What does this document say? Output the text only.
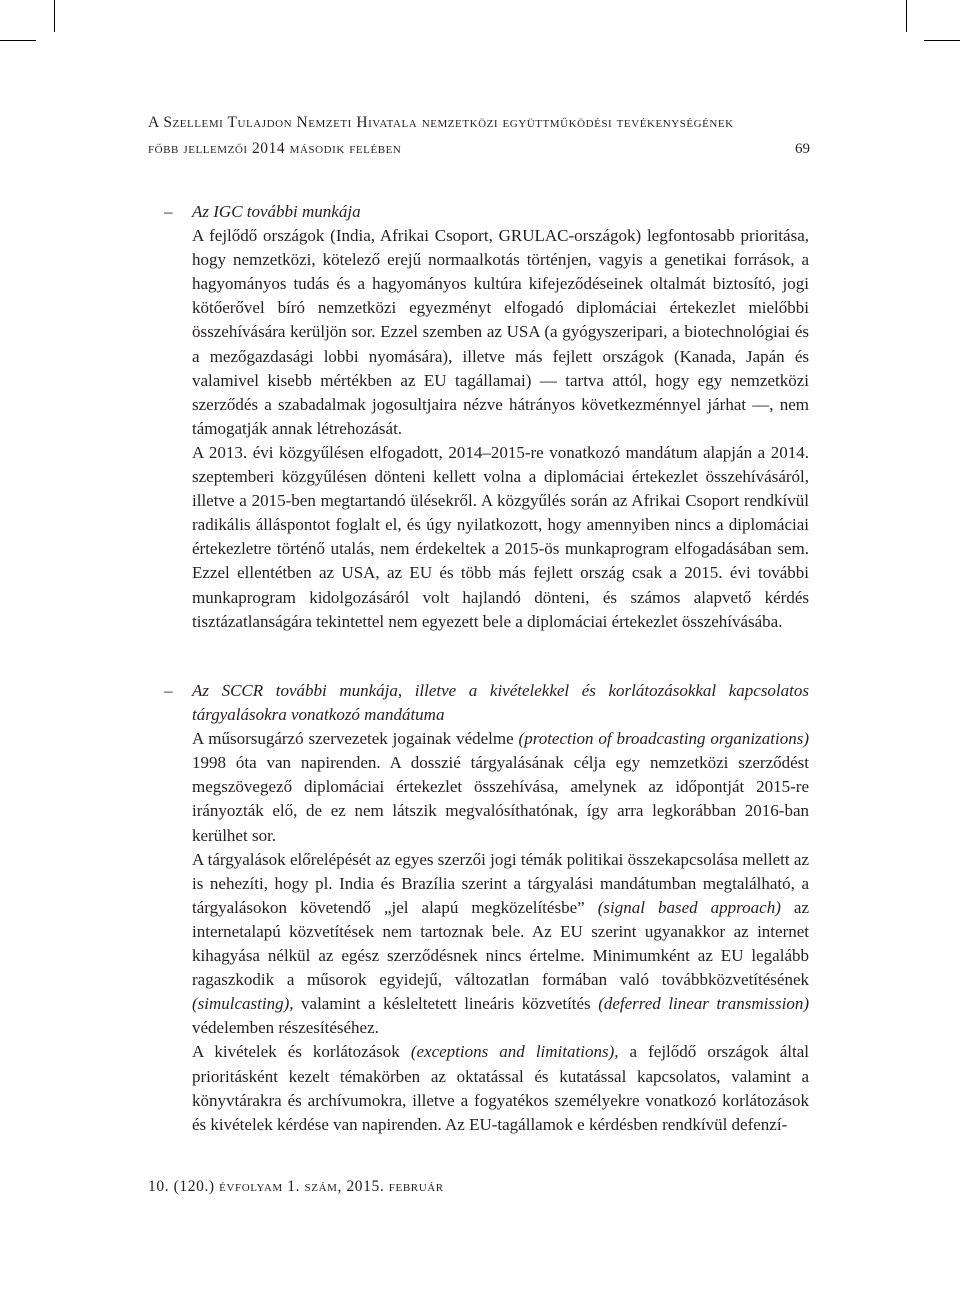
A Szellemi Tulajdon Nemzeti Hivatala nemzetközi együttműködési tevékenységének
főbb jellemzői 2014 második felében	69
– Az IGC további munkája

A fejlődő országok (India, Afrikai Csoport, GRULAC-országok) legfontosabb prioritása, hogy nemzetközi, kötelező erejű normaalkotás történjen, vagyis a genetikai források, a hagyományos tudás és a hagyományos kultúra kifejeződéseinek oltalmát biztosító, jogi kötőerővel bíró nemzetközi egyezményt elfogadó diplomáciai értekezlet mielőbbi összehívására kerüljön sor. Ezzel szemben az USA (a gyógyszeripari, a biotechnológiai és a mezőgazdasági lobbi nyomására), illetve más fejlett országok (Kanada, Japán és valamivel kisebb mértékben az EU tagállamai) — tartva attól, hogy egy nemzetközi szerződés a szabadalmak jogosultjaira nézve hátrányos következménnyel járhat —, nem támogatják annak létrehozását.

A 2013. évi közgyűlésen elfogadott, 2014–2015-re vonatkozó mandátum alapján a 2014. szeptemberi közgyűlésen dönteni kellett volna a diplomáciai értekezlet összehívásáról, illetve a 2015-ben megtartandó ülésekről. A közgyűlés során az Afrikai Csoport rendkívül radikális álláspontot foglalt el, és úgy nyilatkozott, hogy amennyiben nincs a diplomáciai értekezletre történő utalás, nem érdekeltek a 2015-ös munkaprogram elfogadásában sem. Ezzel ellentétben az USA, az EU és több más fejlett ország csak a 2015. évi további munkaprogram kidolgozásáról volt hajlandó dönteni, és számos alapvető kérdés tisztázatlanságára tekintettel nem egyezett bele a diplomáciai értekezlet összehívásába.

– Az SCCR további munkája, illetve a kivételekkel és korlátozásokkal kapcsolatos tárgyalásokra vonatkozó mandátuma

A műsorsugárzó szervezetek jogainak védelme (protection of broadcasting organizations) 1998 óta van napirenden. A dosszié tárgyalásának célja egy nemzetközi szerződést megszövegező diplomáciai értekezlet összehívása, amelynek az időpontját 2015-re irányozták elő, de ez nem látszik megvalósíthatónak, így arra legkorábban 2016-ban kerülhet sor.

A tárgyalások előrelépését az egyes szerzői jogi témák politikai összekapcsolása mellett az is nehezíti, hogy pl. India és Brazília szerint a tárgyalási mandátumban megtalálható, a tárgyalásokon követendő „jel alapú megközelítésbe” (signal based approach) az internetalapú közvetítések nem tartoznak bele. Az EU szerint ugyanakkor az internet kihagyása nélkül az egész szerződésnek nincs értelme. Minimumként az EU legalább ragaszkodik a műsorok egyidejű, változatlan formában való továbbközvetítésének (simulcasting), valamint a késleltetett lineáris közvetítés (deferred linear transmission) védelemben részesítéséhez.

A kivételek és korlátozások (exceptions and limitations), a fejlődő országok által prioritásként kezelt témakörben az oktatással és kutatással kapcsolatos, valamint a könyvtárakra és archívumokra, illetve a fogyatékos személyekre vonatkozó korlátozások és kivételek kérdése van napirenden. Az EU-tagállamok e kérdésben rendkívül defenzí-

10. (120.) évfolyam 1. szám, 2015. február
